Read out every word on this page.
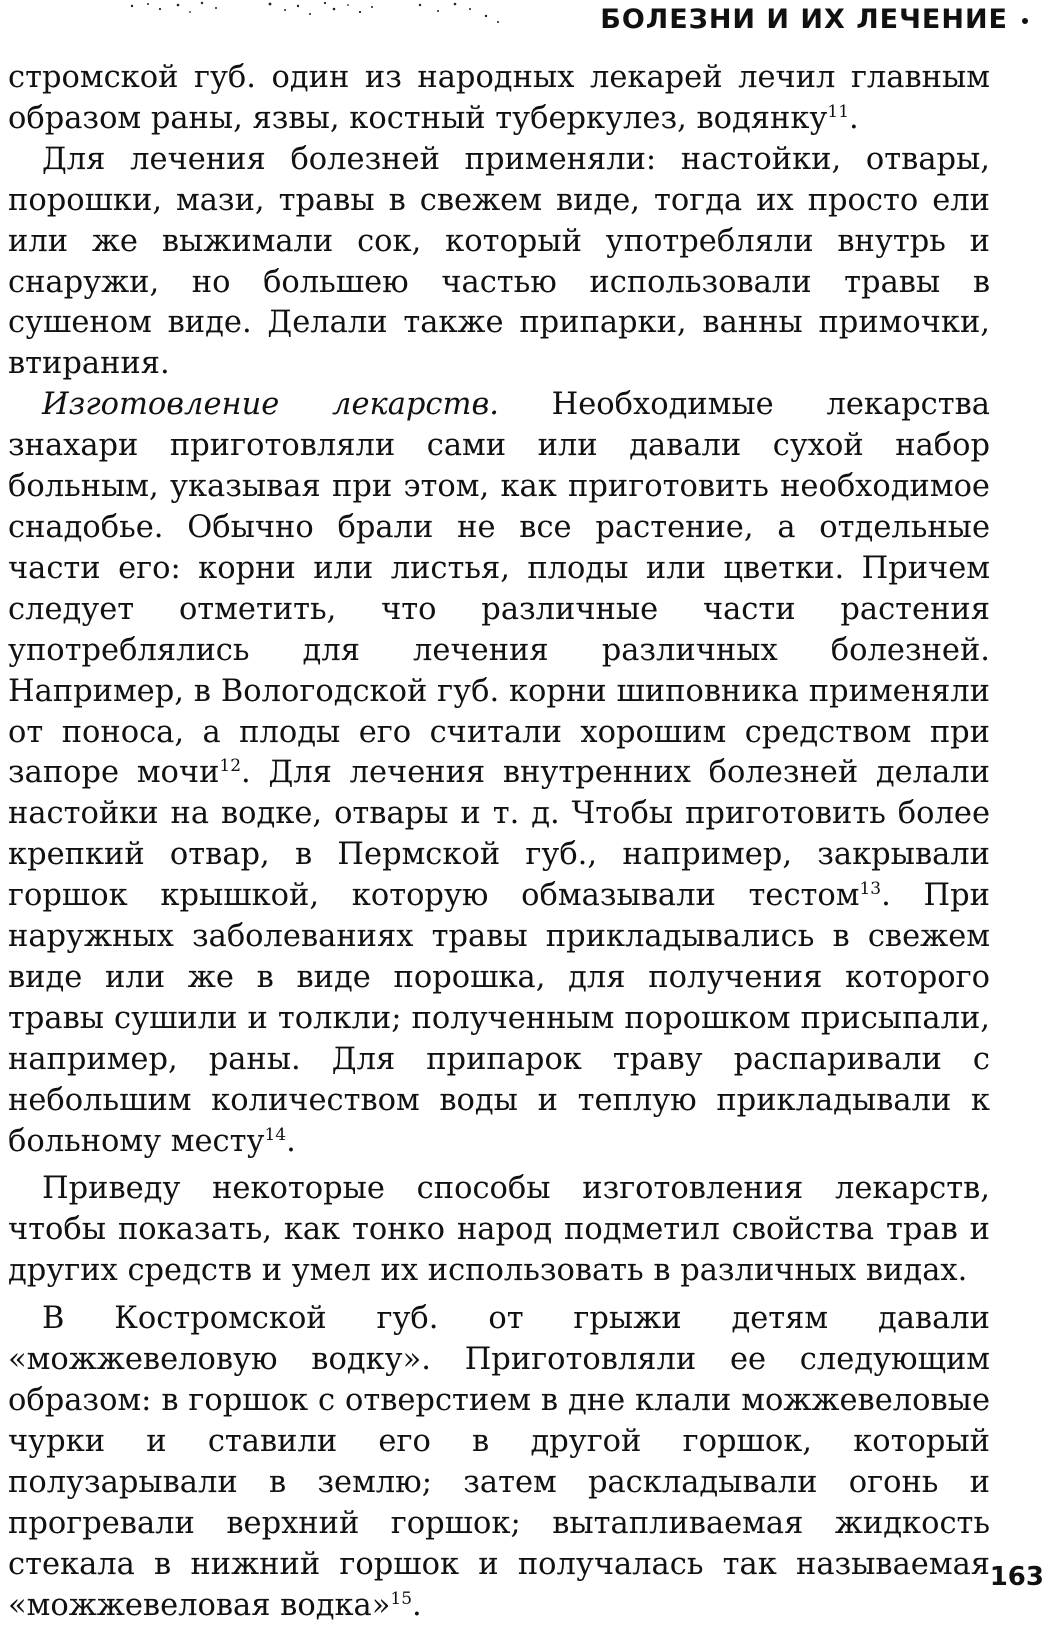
БОЛЕЗНИ И ИХ ЛЕЧЕНИЕ

стромской губ. один из народных лекарей лечил главным образом раны, язвы, костный туберкулез, водянку$^{11}$.

Для лечения болезней применяли: настойки, отвары, порошки, мази, травы в свежем виде, тогда их просто ели или же выжимали сок, который употребляли внутрь и снаружи, но большею частью использовали травы в сушеном виде. Делали также припарки, ванны примочки, втирания.

Изготовление лекарств. Необходимые лекарства знахари приготовляли сами или давали сухой набор больным, указывая при этом, как приготовить необходимое снадобье. Обычно брали не все растение, а отдельные части его: корни или листья, плоды или цветки. Причем следует отметить, что различные части растения употреблялись для лечения различных болезней. Например, в Вологодской губ. корни шиповника применяли от поноса, а плоды его считали хорошим средством при запоре мочи$^{12}$. Для лечения внутренних болезней делали настойки на водке, отвары и т. д. Чтобы приготовить более крепкий отвар, в Пермской губ., например, закрывали горшок крышкой, которую обмазывали тестом$^{13}$. При наружных заболеваниях травы прикладывались в свежем виде или же в виде порошка, для получения которого травы сушили и толкли; полученным порошком присыпали, например, раны. Для припарок траву распаривали с небольшим количеством воды и теплую прикладывали к больному месту$^{14}$.

Приведу некоторые способы изготовления лекарств, чтобы показать, как тонко народ подметил свойства трав и других средств и умел их использовать в различных видах.

В Костромской губ. от грыжи детям давали «можжевеловую водку». Приготовляли ее следующим образом: в горшок с отверстием в дне клали можжевеловые чурки и ставили его в другой горшок, который полузарывали в землю; затем раскладывали огонь и прогревали верхний горшок; вытапливаемая жидкость стекала в нижний горшок и получалась так называемая «можжевеловая водка»$^{15}$.

163
